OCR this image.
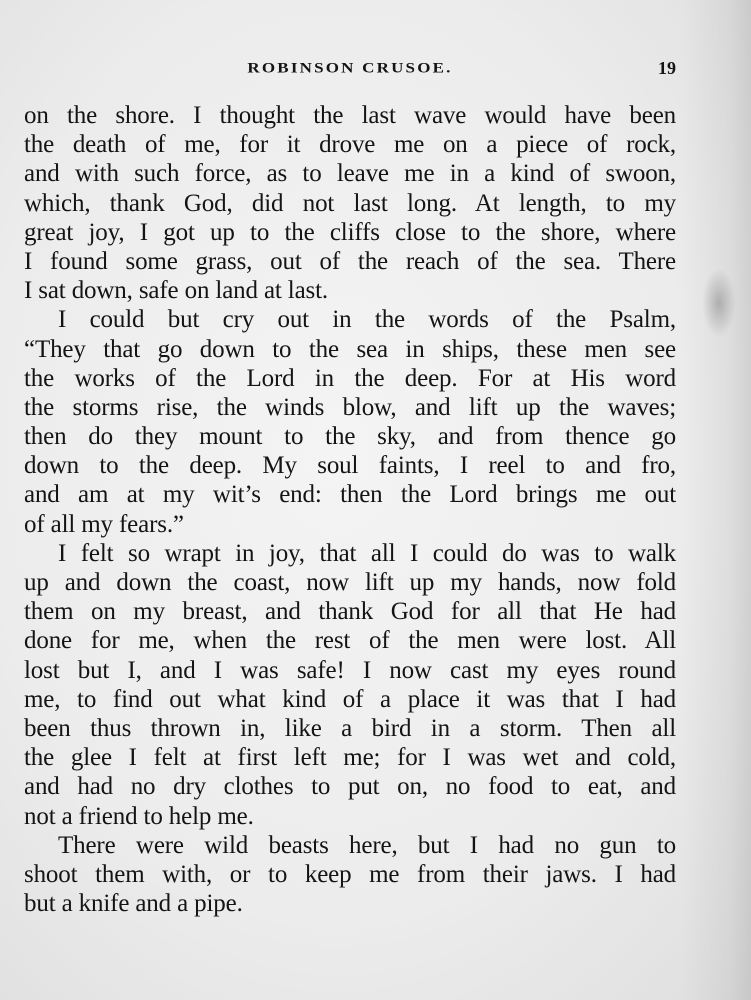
ROBINSON CRUSOE.	19
on the shore. I thought the last wave would have been
the death of me, for it drove me on a piece of rock,
and with such force, as to leave me in a kind of swoon,
which, thank God, did not last long. At length, to my
great joy, I got up to the cliffs close to the shore, where
I found some grass, out of the reach of the sea. There
I sat down, safe on land at last.
I could but cry out in the words of the Psalm,
“They that go down to the sea in ships, these men see
the works of the Lord in the deep. For at His word
the storms rise, the winds blow, and lift up the waves;
then do they mount to the sky, and from thence go
down to the deep. My soul faints, I reel to and fro,
and am at my wit’s end: then the Lord brings me out
of all my fears.”
I felt so wrapt in joy, that all I could do was to walk
up and down the coast, now lift up my hands, now fold
them on my breast, and thank God for all that He had
done for me, when the rest of the men were lost. All
lost but I, and I was safe! I now cast my eyes round
me, to find out what kind of a place it was that I had
been thus thrown in, like a bird in a storm. Then all
the glee I felt at first left me; for I was wet and cold,
and had no dry clothes to put on, no food to eat, and
not a friend to help me.
There were wild beasts here, but I had no gun to
shoot them with, or to keep me from their jaws. I had
but a knife and a pipe.
